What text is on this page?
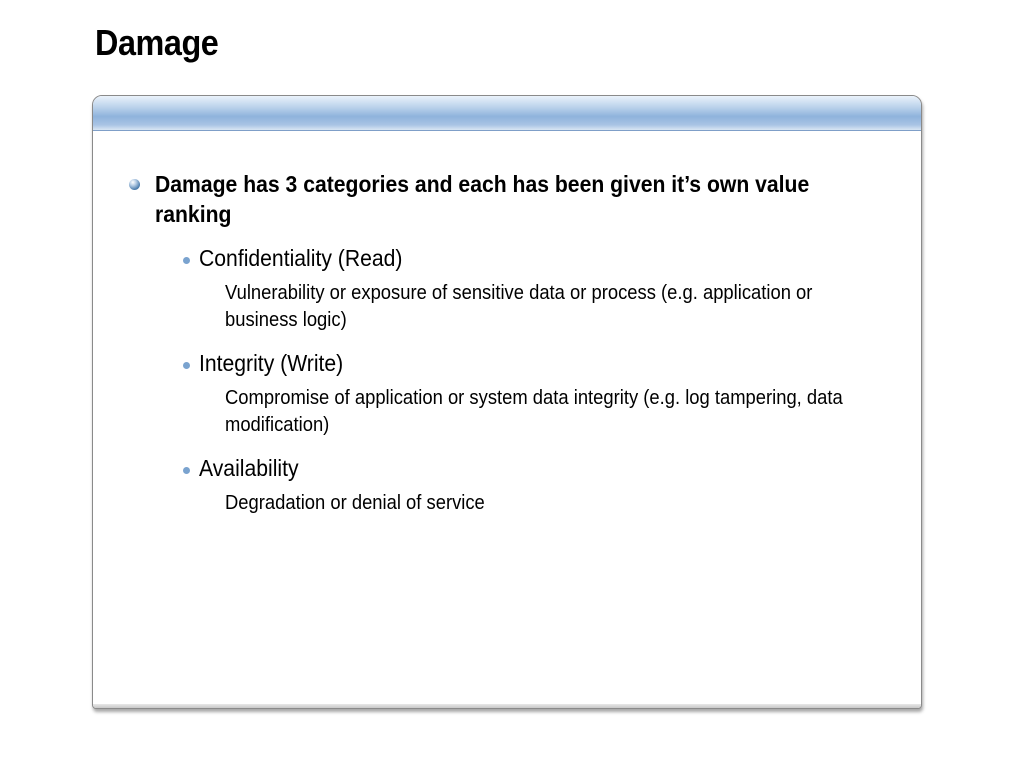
Damage
Damage has 3 categories and each has been given it’s own value ranking
Confidentiality (Read)
Vulnerability or exposure of sensitive data or process (e.g. application or business logic)
Integrity (Write)
Compromise of application or system data integrity (e.g. log tampering, data modification)
Availability
Degradation or denial of service
